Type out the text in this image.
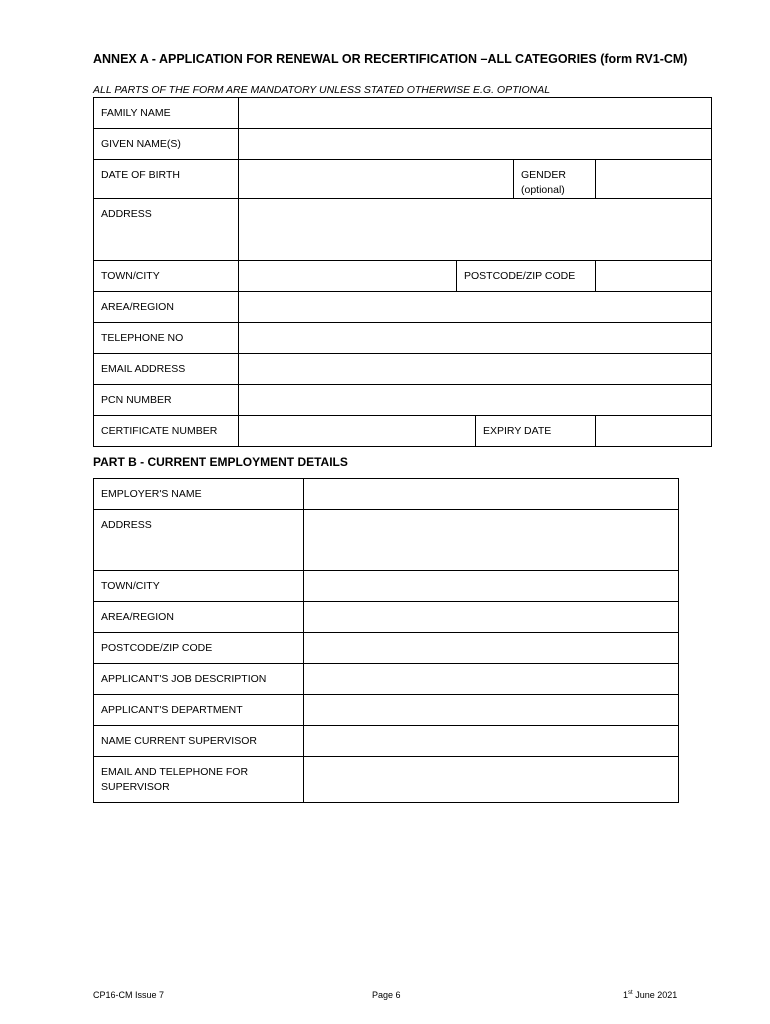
ANNEX A - APPLICATION FOR RENEWAL OR RECERTIFICATION –ALL CATEGORIES (form RV1-CM)
ALL PARTS OF THE FORM ARE MANDATORY UNLESS STATED OTHERWISE E.G. OPTIONAL
FAMILY NAME					

GIVEN NAME(S)					

DATE OF BIRTH				GENDER (optional)	

ADDRESS					

TOWN/CITY		POSTCODE/ZIP CODE			

AREA/REGION					

TELEPHONE NO					

EMAIL ADDRESS					

PCN NUMBER					

CERTIFICATE NUMBER			EXPIRY DATE		
PART B - CURRENT EMPLOYMENT DETAILS
EMPLOYER'S NAME	

ADDRESS	

TOWN/CITY	

AREA/REGION	

POSTCODE/ZIP CODE	

APPLICANT'S JOB DESCRIPTION	

APPLICANT'S DEPARTMENT	

NAME CURRENT SUPERVISOR	

EMAIL AND TELEPHONE FOR SUPERVISOR	
CP16-CM Issue 7	Page 6	1st June 2021
